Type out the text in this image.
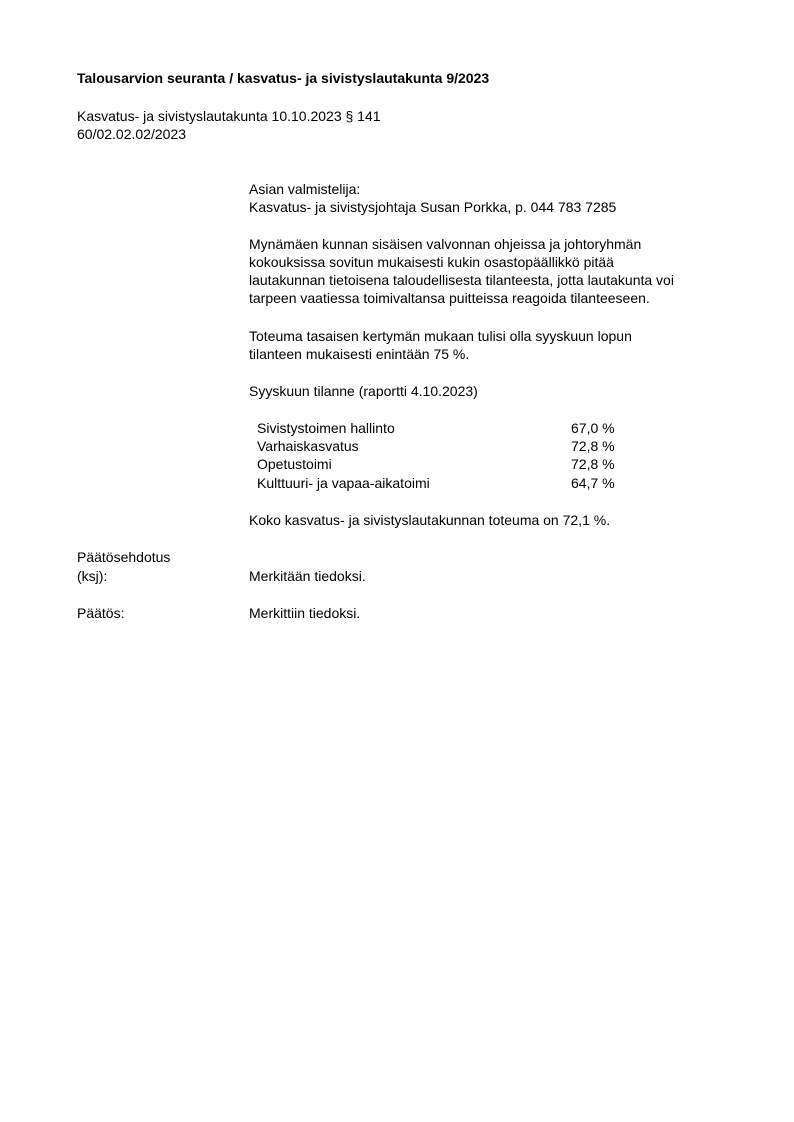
Talousarvion seuranta / kasvatus- ja sivistyslautakunta 9/2023
Kasvatus- ja sivistyslautakunta 10.10.2023 § 141
60/02.02.02/2023
Asian valmistelija:
Kasvatus- ja sivistysjohtaja Susan Porkka, p. 044 783 7285
Mynämäen kunnan sisäisen valvonnan ohjeissa ja johtoryhmän
kokouksissa sovitun mukaisesti kukin osastopäällikkö pitää
lautakunnan tietoisena taloudellisesta tilanteesta, jotta lautakunta voi
tarpeen vaatiessa toimivaltansa puitteissa reagoida tilanteeseen.
Toteuma tasaisen kertymän mukaan tulisi olla syyskuun lopun
tilanteen mukaisesti enintään 75 %.
Syyskuun tilanne (raportti 4.10.2023)
Sivistystoimen hallinto	67,0 %
Varhaiskasvatus	72,8 %
Opetustoimi	72,8 %
Kulttuuri- ja vapaa-aikatoimi	64,7 %
Koko kasvatus- ja sivistyslautakunnan toteuma on 72,1 %.
Päätösehdotus
(ksj):	Merkitään tiedoksi.
Päätös:	Merkittiin tiedoksi.
